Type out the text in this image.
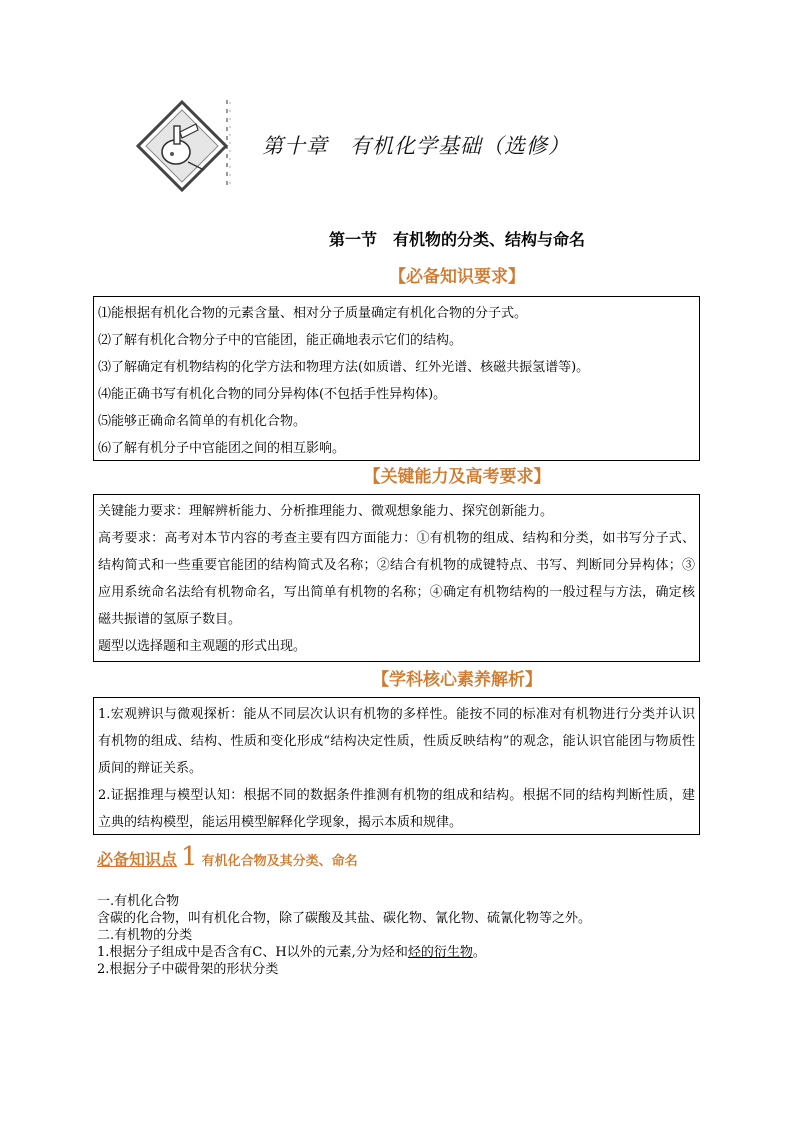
第十章　有机化学基础（选修）
第一节　有机物的分类、结构与命名
【必备知识要求】
⑴能根据有机化合物的元素含量、相对分子质量确定有机化合物的分子式。
⑵了解有机化合物分子中的官能团，能正确地表示它们的结构。
⑶了解确定有机物结构的化学方法和物理方法(如质谱、红外光谱、核磁共振氢谱等)。
⑷能正确书写有机化合物的同分异构体(不包括手性异构体)。
⑸能够正确命名简单的有机化合物。
⑹了解有机分子中官能团之间的相互影响。
【关键能力及高考要求】
关键能力要求：理解辨析能力、分析推理能力、微观想象能力、探究创新能力。
高考要求：高考对本节内容的考查主要有四方面能力：①有机物的组成、结构和分类，如书写分子式、结构简式和一些重要官能团的结构简式及名称；②结合有机物的成键特点、书写、判断同分异构体；③应用系统命名法给有机物命名，写出简单有机物的名称；④确定有机物结构的一般过程与方法，确定核磁共振谱的氢原子数目。
题型以选择题和主观题的形式出现。
【学科核心素养解析】
1.宏观辨识与微观探析：能从不同层次认识有机物的多样性。能按不同的标准对有机物进行分类并认识有机物的组成、结构、性质和变化形成“结构决定性质，性质反映结构”的观念，能认识官能团与物质性质间的辩证关系。
2.证据推理与模型认知：根据不同的数据条件推测有机物的组成和结构。根据不同的结构判断性质，建立典的结构模型，能运用模型解释化学现象，揭示本质和规律。
必备知识点 1 有机化合物及其分类、命名
一.有机化合物
含碳的化合物，叫有机化合物，除了碳酸及其盐、碳化物、氰化物、硫氰化物等之外。
二.有机物的分类
1.根据分子组成中是否含有C、H以外的元素,分为烃和烃的衍生物。
2.根据分子中碳骨架的形状分类
